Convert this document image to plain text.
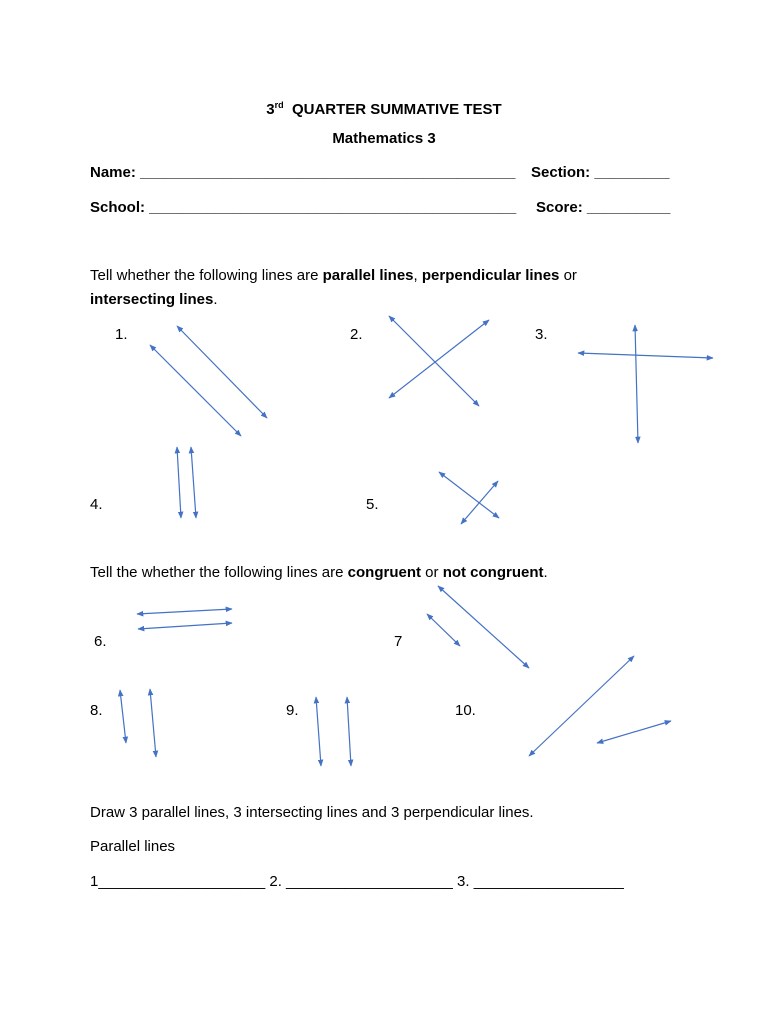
3rd QUARTER SUMMATIVE TEST
Mathematics 3
Name: _____________________________________________ Section: _________
School: ____________________________________________ Score: __________
Tell whether the following lines are parallel lines, perpendicular lines or
intersecting lines.
1.	2.	3.
4.	5.
Tell the whether the following lines are congruent or not congruent.
6.	7
8.	9.	10.
Draw 3 parallel lines, 3 intersecting lines and 3 perpendicular lines.
Parallel lines
1____________________ 2. ____________________ 3. __________________
